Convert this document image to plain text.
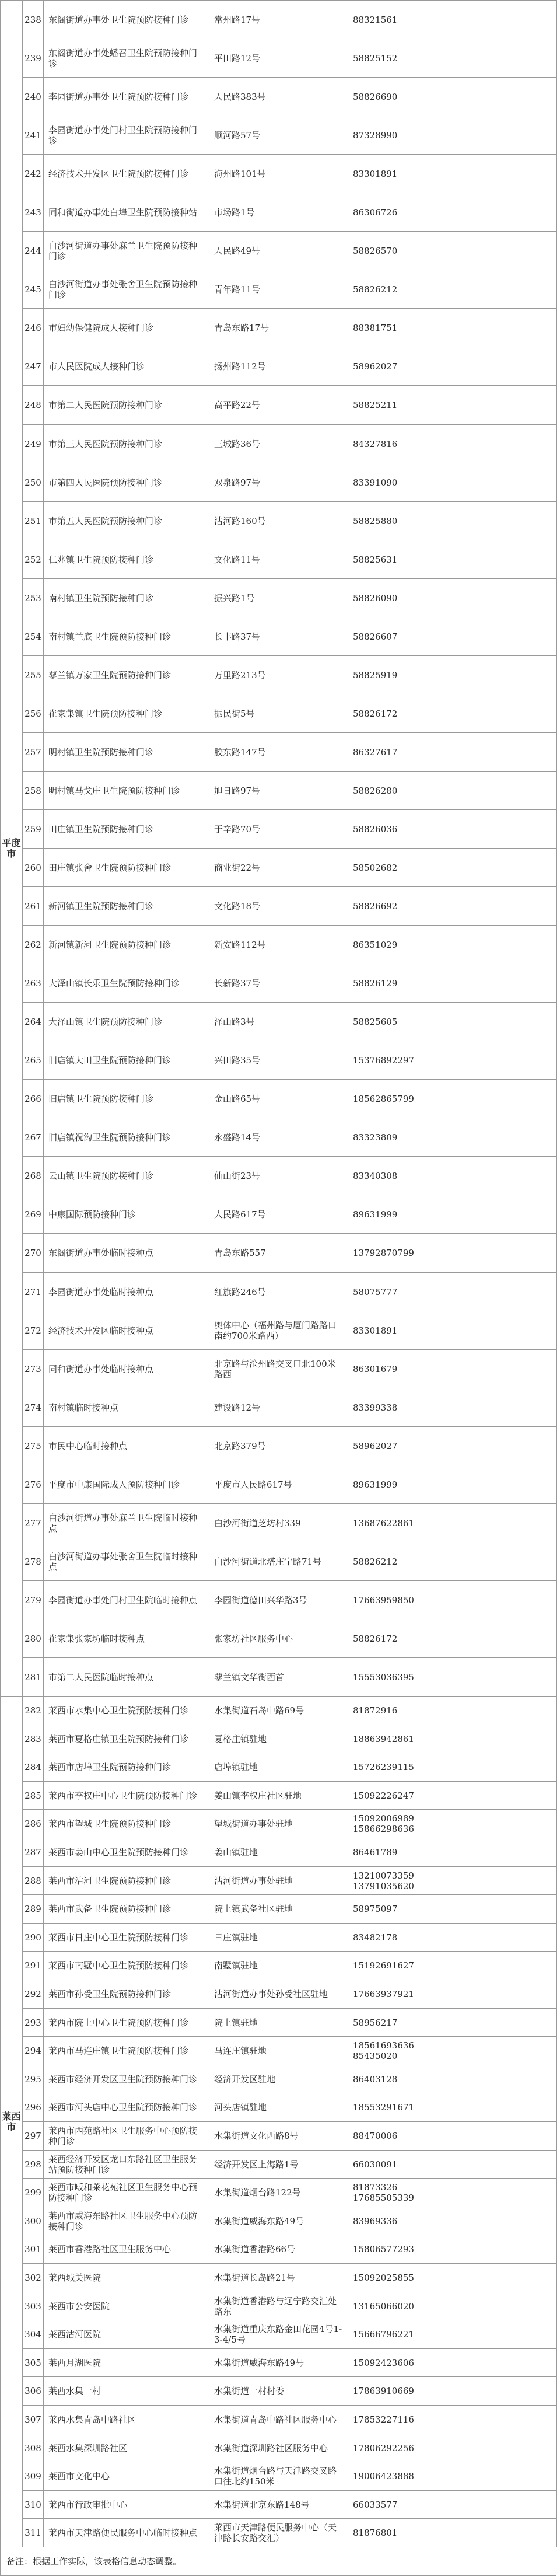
平度市	238	东阁街道办事处卫生院预防接种门诊	常州路17号	88321561
	239	东阁街道办事处蟠召卫生院预防接种门诊	平田路12号	58825152
	240	李园街道办事处卫生院预防接种门诊	人民路383号	58826690
	241	李园街道办事处门村卫生院预防接种门诊	顺河路57号	87328990
	242	经济技术开发区卫生院预防接种门诊	海州路101号	83301891
	243	同和街道办事处白埠卫生院预防接种站	市场路1号	86306726
	244	白沙河街道办事处麻兰卫生院预防接种门诊	人民路49号	58826570
	245	白沙河街道办事处张舍卫生院预防接种门诊	青年路11号	58826212
	246	市妇幼保健院成人接种门诊	青岛东路17号	88381751
	247	市人民医院成人接种门诊	扬州路112号	58962027
	248	市第二人民医院预防接种门诊	高平路22号	58825211
	249	市第三人民医院预防接种门诊	三城路36号	84327816
	250	市第四人民医院预防接种门诊	双泉路97号	83391090
	251	市第五人民医院预防接种门诊	沽河路160号	58825880
	252	仁兆镇卫生院预防接种门诊	文化路11号	58825631
	253	南村镇卫生院预防接种门诊	振兴路1号	58826090
	254	南村镇兰底卫生院预防接种门诊	长丰路37号	58826607
	255	蓼兰镇万家卫生院预防接种门诊	万里路213号	58825919
	256	崔家集镇卫生院预防接种门诊	振民街5号	58826172
	257	明村镇卫生院预防接种门诊	胶东路147号	86327617
	258	明村镇马戈庄卫生院预防接种门诊	旭日路97号	58826280
	259	田庄镇卫生院预防接种门诊	于辛路70号	58826036
	260	田庄镇张舍卫生院预防接种门诊	商业街22号	58502682
	261	新河镇卫生院预防接种门诊	文化路18号	58826692
	262	新河镇新河卫生院预防接种门诊	新安路112号	86351029
	263	大泽山镇长乐卫生院预防接种门诊	长新路37号	58826129
	264	大泽山镇卫生院预防接种门诊	泽山路3号	58825605
	265	旧店镇大田卫生院预防接种门诊	兴田路35号	15376892297
	266	旧店镇卫生院预防接种门诊	金山路65号	18562865799
	267	旧店镇祝沟卫生院预防接种门诊	永盛路14号	83323809
	268	云山镇卫生院预防接种门诊	仙山街23号	83340308
	269	中康国际预防接种门诊	人民路617号	89631999
	270	东阁街道办事处临时接种点	青岛东路557	13792870799
	271	李园街道办事处临时接种点	红旗路246号	58075777
	272	经济技术开发区临时接种点	奥体中心（福州路与厦门路路口南约700米路西）	83301891
	273	同和街道办事处临时接种点	北京路与沧州路交叉口北100米路西	86301679
	274	南村镇临时接种点	建设路12号	83399338
	275	市民中心临时接种点	北京路379号	58962027
	276	平度市中康国际成人预防接种门诊	平度市人民路617号	89631999
	277	白沙河街道办事处麻兰卫生院临时接种点	白沙河街道芝坊村339	13687622861
	278	白沙河街道办事处张舍卫生院临时接种点	白沙河街道北塔庄宁路71号	58826212
	279	李园街道办事处门村卫生院临时接种点	李园街道德田兴华路3号	17663959850
	280	崔家集张家坊临时接种点	张家坊社区服务中心	58826172
	281	市第二人民医院临时接种点	蓼兰镇文华街西首	15553036395
莱西市	282	莱西市水集中心卫生院预防接种门诊	水集街道石岛中路69号	81872916
	283	莱西市夏格庄镇卫生院预防接种门诊	夏格庄镇驻地	18863942861
	284	莱西市店埠卫生院预防接种门诊	店埠镇驻地	15726239115
	285	莱西市李权庄中心卫生院预防接种门诊	姜山镇李权庄社区驻地	15092226247
	286	莱西市望城卫生院预防接种门诊	望城街道办事处驻地	15092006989
15866298636
	287	莱西市姜山中心卫生院预防接种门诊	姜山镇驻地	86461789
	288	莱西市沽河卫生院预防接种门诊	沽河街道办事处驻地	13210073359
13791035620
	289	莱西市武备卫生院预防接种门诊	院上镇武备社区驻地	58975097
	290	莱西市日庄中心卫生院预防接种门诊	日庄镇驻地	83482178
	291	莱西市南墅中心卫生院预防接种门诊	南墅镇驻地	15192691627
	292	莱西市孙受卫生院预防接种门诊	沽河街道办事处孙受社区驻地	17663937921
	293	莱西市院上中心卫生院预防接种门诊	院上镇驻地	58956217
	294	莱西市马连庄镇卫生院预防接种门诊	马连庄镇驻地	18561693636
85435020
	295	莱西市经济开发区卫生院预防接种门诊	经济开发区驻地	86403128
	296	莱西市河头店中心卫生院预防接种门诊	河头店镇驻地	18553291671
	297	莱西市西苑路社区卫生服务中心预防接种门诊	水集街道文化西路8号	88470006
	298	莱西经济开发区龙口东路社区卫生服务站预防接种门诊	经济开发区上海路1号	66030091
	299	莱西市畈和莱花苑社区卫生服务中心预防接种门诊	水集街道烟台路122号	81873326
17685505339
	300	莱西市威海东路社区卫生服务中心预防接种门诊	水集街道威海东路49号	83969336
	301	莱西市香港路社区卫生服务中心	水集街道香港路66号	15806577293
	302	莱西城关医院	水集街道长岛路21号	15092025855
	303	莱西市公安医院	水集街道香港路与辽宁路交汇处路东	13165066020
	304	莱西沽河医院	水集街道重庆东路金田花园4号1-3-4/5号	15666796221
	305	莱西月湖医院	水集街道威海东路49号	15092423606
	306	莱西水集一村	水集街道一村村委	17863910669
	307	莱西水集青岛中路社区	水集街道青岛中路社区服务中心	17853227116
	308	莱西水集深圳路社区	水集街道深圳路社区服务中心	17806292256
	309	莱西市文化中心	水集街道烟台路与天津路交叉路口往北约150米	19006423888
	310	莱西市行政审批中心	水集街道北京东路148号	66033577
	311	莱西市天津路便民服务中心临时接种点	莱西市天津路便民服务中心（天津路长安路交汇）	81876801
备注：根据工作实际，该表格信息动态调整。
